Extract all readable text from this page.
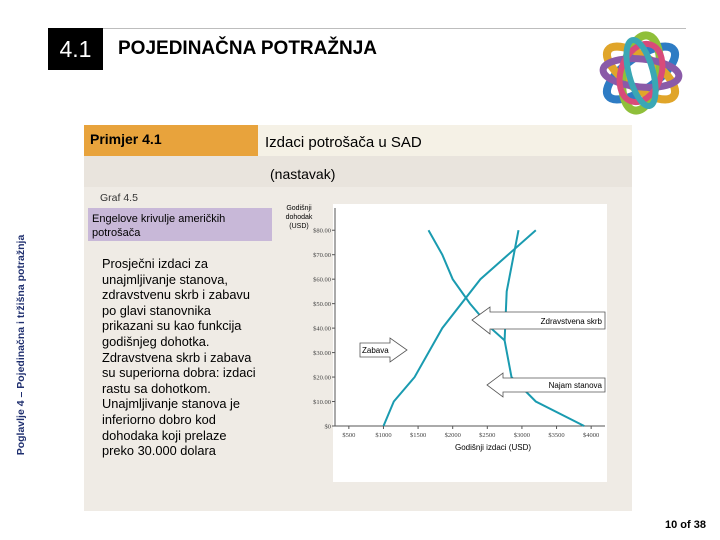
4.1 POJEDINAČNA POTRAŽNJA
Poglavlje 4 – Pojedinačna i tržišna potražnja
Primjer 4.1	Izdaci potrošača u SAD
(nastavak)
Graf 4.5
Engelove krivulje američkih potrošača
Prosječni izdaci za unajmljivanje stanova, zdravstvenu skrb i zabavu po glavi stanovnika prikazani su kao funkcija godišnjeg dohotka. Zdravstvena skrb i zabava su superiorna dobra: izdaci rastu sa dohotkom. Unajmljivanje stanova je inferiorno dobro kod dohodaka koji prelaze preko 30.000 dolara
Godišnji
dohodak
(USD)
$0
$10.00
$20.00
$30.00
$40.00
$50.00
$60.00
$70.00
$80.00
$500	$1000	$1500	$2000	$2500	$3000	$3500	$4000
Godišnji izdaci (USD)
Zdravstvena skrb
Zabava
Najam stanova
10 of 38
